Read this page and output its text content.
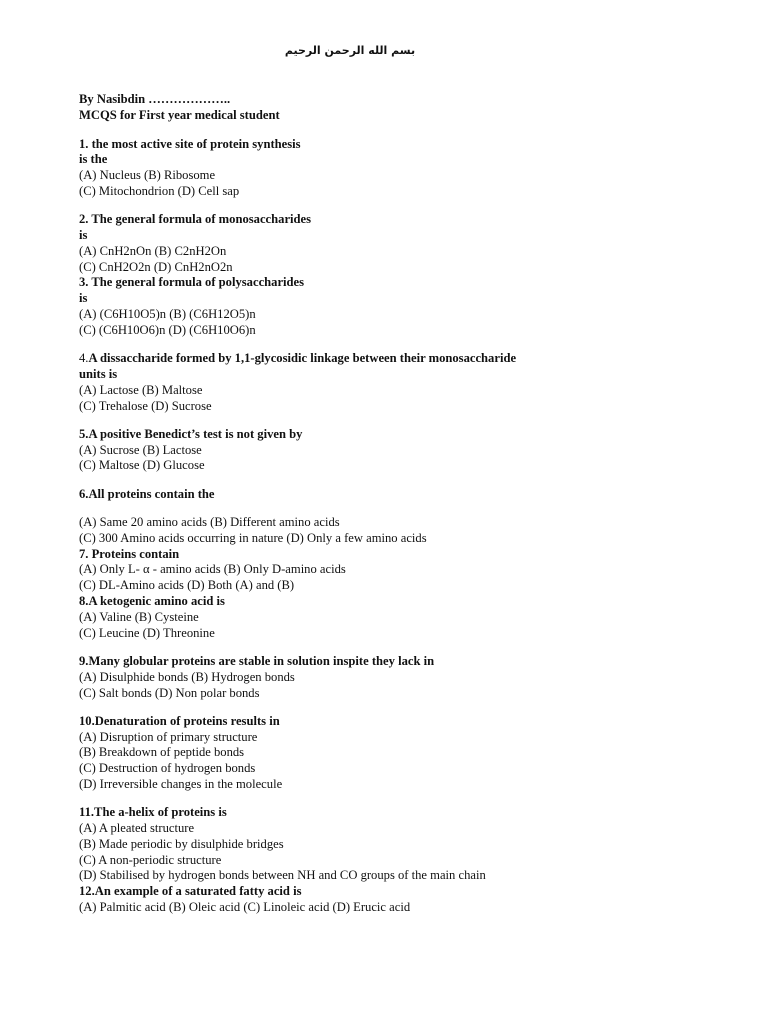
بسم الله الرحمن الرحيم
By Nasibdin ………………..
MCQS for First year medical student
1. the most active site of protein synthesis
is the
(A) Nucleus (B) Ribosome
(C) Mitochondrion (D) Cell sap
2. The general formula of monosaccharides
is
(A) CnH2nOn (B) C2nH2On
(C) CnH2O2n (D) CnH2nO2n
3. The general formula of polysaccharides
is
(A) (C6H10O5)n (B) (C6H12O5)n
(C) (C6H10O6)n (D) (C6H10O6)n
4.A dissaccharide formed by 1,1-glycosidic linkage between their monosaccharide
units is
(A) Lactose (B) Maltose
(C) Trehalose (D) Sucrose
5.A positive Benedict’s test is not given by
(A) Sucrose (B) Lactose
(C) Maltose (D) Glucose
6.All proteins contain the
(A) Same 20 amino acids (B) Different amino acids
(C) 300 Amino acids occurring in nature (D) Only a few amino acids
7. Proteins contain
(A) Only L- α - amino acids (B) Only D-amino acids
(C) DL-Amino acids (D) Both (A) and (B)
8.A ketogenic amino acid is
(A) Valine (B) Cysteine
(C) Leucine (D) Threonine
9.Many globular proteins are stable in solution inspite they lack in
(A) Disulphide bonds (B) Hydrogen bonds
(C) Salt bonds (D) Non polar bonds
10.Denaturation of proteins results in
(A) Disruption of primary structure
(B) Breakdown of peptide bonds
(C) Destruction of hydrogen bonds
(D) Irreversible changes in the molecule
11.The a-helix of proteins is
(A) A pleated structure
(B) Made periodic by disulphide bridges
(C) A non-periodic structure
(D) Stabilised by hydrogen bonds between NH and CO groups of the main chain
12.An example of a saturated fatty acid is
(A) Palmitic acid (B) Oleic acid (C) Linoleic acid (D) Erucic acid
